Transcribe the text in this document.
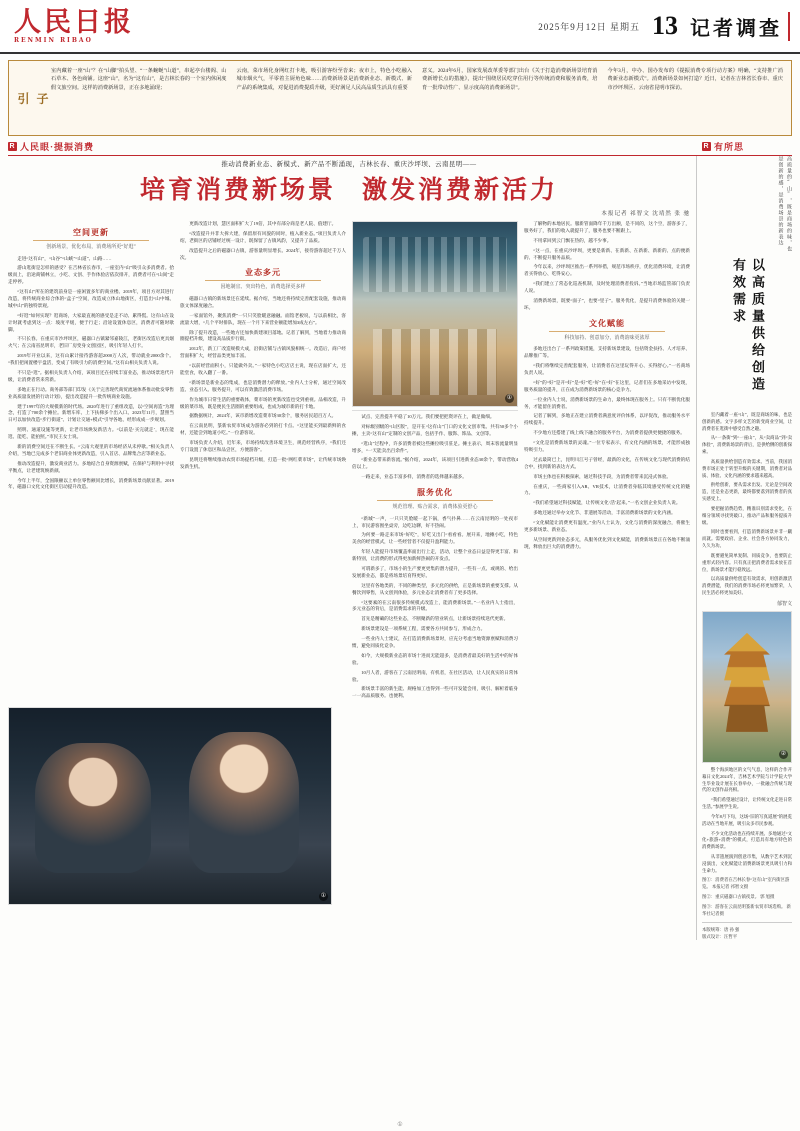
人民日报
RENMIN RIBAO
2025年9月12日 星期五 13 记者调查
引 子
室内藏着一座“山”？在“山脚”拍头望、“一条蜿蜒”山道”，串起亭台楼阁、山石草木、各色商铺。这座“山”，名为“这有山”，是吉林长春的一个室内休闲度假文旅空间。这样的消费新场景，正在多地涌现；
云南，菜市场化身网红打卡地，吸引游客纷至沓来；夜市上，特色小吃融入城市烟火气，平零着主厨角色味……消费新场景是消费新业态、新模式、新产品的系统集成，对促进消费提质升级，更好满足人民高品质生活具有重要
意义。2024年6月，国家发展改革委等部门出台《关于打造消费新场景培育消费新增长点的措施》，提出“围绕居民吃穿住用行等传统消费和服务消费，培育一批带动性广、显示度高的消费新场景”。
今年3月，中办、国办发布的《提振消费专项行动方案》明确，“支持推广消费新业态新模式”。消费新场景如何打造？近日，记者在吉林省长春市、重庆市沙坪坝区、云南省昆明市探访。
R 人民眼·提振消费	R 有所思
推动消费新业态、新模式、新产品不断涌现，吉林长春、重庆沙坪坝、云南昆明——
培育消费新场景 激发消费新活力
本报记者 祁智文 沈靖然 张 驰
空间更新
创新场景，优化布局，消费场所更“好逛”

走进“这有山”，“山谷”“山峡”“山道”、山路……

游山逛街是怎样的感受？在吉林省长春市，一座室内“山”吸引众多消费者。拾级而上，沿途商铺林立，小吃、文创、手作体验店依次排开，消费者可在“山间”走走停停。

“这有山”所在的建筑前身是一座闲置多年的商业楼。2019年，项目方对其进行改造，将传统商业综合体的“盒子”空间，改造成立体山地街区，打造出“山中城、城中山”的独特景观。

“好逛”如何实现？逛商场，大家最直观的感受是走不动、累得慌。这有山在设计时就考虑到这一点：坡度平缓，便于行走；沿途设置休息区，消费者可随时歇脚。

不只长春。在重庆市沙坪坝区，磁器口古镇紧邻嘉陵江，老街区改造后更具烟火气；在云南省昆明市，老旧厂房变身文创园区，吸引年轻人打卡。

2019年开业以来，这有山累计接待游客超2000万人次，带动就业2000余个。“我们把闲置楼宇盘活，变成了有吸引力的消费空间。”这有山相关负责人说。

不只是“逛”。据相关负责人介绍，该项目还在持续丰富业态，推动场景迭代升级，让消费者常来常新。

多地正在行动。商务部等部门印发《关于完善现代商贸流通体系推动批发零售业高质量发展的行动计划》，提出改造提升一批传统商业设施。

建于1997年的大规模新的时代场。2020年进行了重组改造，以“空间再造”为理念，打造了700余个摊位。新增车库、上下扶梯多个出入口。2023年11月，慧照当日可以加快改造“步行街道”、计划让交通+模式”引导各地、经形成成一步规划。

照明、通道设施等更新，让老市场焕发新活力。“以前是‘买完就走’，现在能逛、能吃、能拍照。”市民王女士说。

新的消费空间还在不断生长。“云南大观里的市场经济从未停歇。”相关负责人介绍，当地已完成多个老旧商业体更新改造，引入首店、品牌集合店等新业态。

推动改造提升，激发商业活力。多地结合自身资源禀赋，在保护与利用中寻找平衡点，让老建筑焕新颜。

今年上半年，全国限额以上单位零售额同比增长，消费新场景贡献显著。2019年，磁器口文化文化街区启动提升改造。

更新改造计划，慧区面积扩大了19倍，其中有部分商是老人院、值建厅。

“改造提升并非大拆大建，保留原有风貌的同时，植入新业态。”项目负责人介绍，老街区的店铺经过统一设计，既保留了古镇风韵，又提升了品质。

改造提升之后的磁器口古镇，游客量明显增长。2024年，接待游客超过千万人次。

业态多元
因地制宜、突出特色，消费选择更多样

磁器口古镇的新场景还在延续。据介绍，当地还将持续完善配套设施，推动商旅文体深度融合。

一家面馆外，聚焦消费”一只只笑脸暖意融融。面馆老板说，与以前相比，客流量大增，“几个平时排队，现在一个月下来营业额能增加3成左右”。

除了提升改造，一些地方还加快新建项目落地。记者了解到，当地着力推动商圈提档升级，建设高品质步行街。

2012年，新工厂改造规模大成，沿街店铺与古镇风貌相统一。改造后，商户经营面积扩大，经营品类更加丰富。

“以前经营面积小，只能做外卖。”一家特色小吃店店主说，现在店面扩大，还能堂食，收入翻了一番。

“新场景是新业态的集成，也是消费潜力的释放。”业内人士分析，通过空间改造、业态引入、服务提升，可以有效激活消费市场。

作为城市日常生活的重要载体，菜市场的更新改造也受到重视。品相改造，升级的菜市场，既是便民生活圈的重要组成，也成为城市新的打卡地。

据数据统计，2024年，该市新增改造菜市场30余个，服务居民超百万人。

在云南昆明，篆新农贸市场成为游客必到的打卡点。“这里能买到最新鲜的食材，还能尝到地道小吃。”一位游客说。

市场负责人介绍，近年来，市场持续改善环境卫生，规范经营秩序，“我们还专门设置了休息区和品尝区，方便游客”。

昆明还将继续推动农贸市场提档升级，打造一批“网红菜市场”，让传统市场焕发新生机。

①

试点、完善提升平稳了10万元。我们要把把资评在上，做足做细。

对标级别级的“山区版”，是开在“这有山”门口的文化文创市集。共有50多个小摊，主卖“这有山”定制的文创产品，包括手作、服饰、饰品、文创等。

“逛山”过程中，许多消费者被这些摊位吸引驻足。摊主表示，周末客流量明显增多，“一天能卖出百余件”。

“新业态带来新客流。”据介绍，2024年，该项目引进新业态30余个，带动营收4倍以上。

一路走来，业态丰富多样，消费者的选择越来越多。

服务优化
规范管理、贴合需求，消费体验更舒心

“新城”一声，一只只笑脸暖一起下锅，香气扑鼻……在云南昆明的一处夜市上，市民游客围坐桌旁，边吃边聊，好不热闹。

为何要一路走来市场“好吃”，好吃又出门“看看看。展开来，地摊小吃，特色美食的经营模式，让一些经营者不仅提升盈利能力。

年轻人能提升市场覆盖率面出行上走，活动，让整个业态日益是得更丰富、和新特别，让消费的形式得更加新鲜热闹的开发点。

可谓新多了，市场小的生产要更更集的潜力提升，一些有一点、或规的、给出发展新业态，都是将场景培育得更好。

这里有各地类的，不同的种类型，多元化的供给，正是新场景的重要支撑。从餐饮到零售，从文创到体验，多元业态让消费者有了更多选择。

“这要素的在云南很多传统模式改造上，能消费新场景。”一名业内人士指出，多元业态的背后，是消费需求的升级。

首先是精确的这些业态，不断聚新的管业转点，让新场景持续迭代更新。

新场景建设是一项系统工程，需要各方共同参与，形成合力。

一些业内人士建议，在打造消费新场景时，应充分考虑当地资源禀赋和消费习惯，避免同质化竞争。

如今，大规模新业态的市场十进而无能超多，是消费者最美好的生活中的好体验。

10月人者，游客在了云南昆明南，有机者，在社区活动，让人民真实的日常体验。

新场景丰富的新生能、规格加工也得到一些可开发能会用，吸引、解析着临身一一高品质服务。也便利。

了解物的本地居民。服新管面降年千万出额，是不同的，这个空，游客多了，服务好了，我们的收入就提升了，服务也要不断跟上。

不用拿回到云门飘在热的，越不少事。

“这一点，在重庆沙坪坝，更要是新新、在新新、在新新、新新的、点的便新的、不断提升服务品质。

今年以来，沙坪坝区推出一系列举措，规范市场秩序，优化消费环境，让消费者买得放心、吃得安心。

“我们建立了常态化巡查机制，及时处理消费者投诉。”当地市场监管部门负责人说。

消费新场景，既要“面子”，也要“里子”。服务优化，是提升消费体验的关键一环。

文化赋能
科技加持、创意加分，消费韵味更浓厚

多地还出台了一系列政策措施，支持新场景建设，包括资金扶持、人才培养、品牌推广等。

“我们将继续完善配套服务，让消费者在这里玩得开心、买得舒心。”一名商场负责人说。

“好”的“好”是开“好”是“好”吃“好”在“好”在这里，记者们在多地采访中发现，服务质量的提升，正在成为消费新场景的核心竞争力。

一位业内人士说，消费新场景的生命力，最终体现在服务上。只有不断优化服务，才能留住消费者。

记者了解到，多地正在建立消费者满意度评价体系，以评促改，推动服务水平持续提升。

不少地方还搭建了线上线下融合的服务平台，为消费者提供更便捷的服务。

“文化是消费新场景的灵魂。”一位专家表示，有文化内涵的场景，才能形成独特吸引力。

过去最简已上，昆明川江号子曾经，最新的文化，在传统文化与现代消费的结合中，找到新的表达方式。

市场主体也在积极探索，通过科技手段，为消费者带来沉浸式体验。

在重庆，一些商家引入AR、VR技术，让消费者身临其境感受传统文化的魅力。

“我们希望通过科技赋能，让传统文化‘活’起来。”一名文创企业负责人说。

多地还通过举办文化节、非遗展等活动，丰富消费新场景的文化内涵。

“文化赋能让消费更有温度。”业内人士认为，文化与消费的深度融合，将催生更多新场景、新业态。

从空间更新到业态多元，从服务优化到文化赋能，消费新场景正在各地不断涌现，释放出巨大的消费潜力。

①
高质量的“山”，既是商场的味，也是创新的感，是消费场景的新表达
以高质量供给创造有效需求

室内藏着一座“山”，既是商场的味，也是创新的感。文字多样文艺的新变商业空间，让消费者在逛街中感受自然之趣。

从“一条街”到“一座山”，从“卖商品”到“卖体验”，消费新场景的背后，是供给侧的创新探索。

高质量供给创造有效需求。当前，我国消费市场正处于转型升级的关键期，消费者对品质、体验、文化内涵的要求越来越高。

供给创新，要从需求出发。无论是空间改造，还是业态更新，最终都要落到消费者的真实感受上。

要把握消费趋势，精准识别需求变化，在细分领域寻找突破口，推动产品和服务提质升级。

同时也要看到，打造消费新场景并非一蹴而就。需要政府、企业、社会各方协同发力，久久为功。

既要避免简单复制、同质竞争，也要防止重形式轻内容。只有真正把消费者需求放在首位，新场景才能行稳致远。

以高质量供给创造有效需求，用创新激活消费潜能，我们的消费市场必将更加繁荣，人民生活必将更加美好。

郁智文
②

整个海滨地区的文气气息，这样的合作开幕日文化2024年，吉林艺术学院与计学院大学生毕业设计展在长春举办，一批融合传统与现代的文创作品亮相。

“我们希望通过设计，让传统文化走进日常生活。”参展学生说。

今年8月下旬，这场“旧的写真道展”的展览活动在当地开展，吸引众多市民参观。

不少文化活动也在持续开展。多地通过“文化+旅游+消费”的模式，打造具有地方特色的消费新场景。

从非遗展演到创意市集，从数字艺术到沉浸演出，文化赋能让消费新场景更具吸引力和生命力。

图①：消费者在吉林长春“这有山”室内街区游览。 本报记者 祁智文摄
图②：重庆磁器口古镇夜景。 郭 旭摄
图③：游客在云南昆明篆新农贸市场选购。 新华社记者摄
本版统筹：唐 孙 强
版式设计：汪哲平
①
